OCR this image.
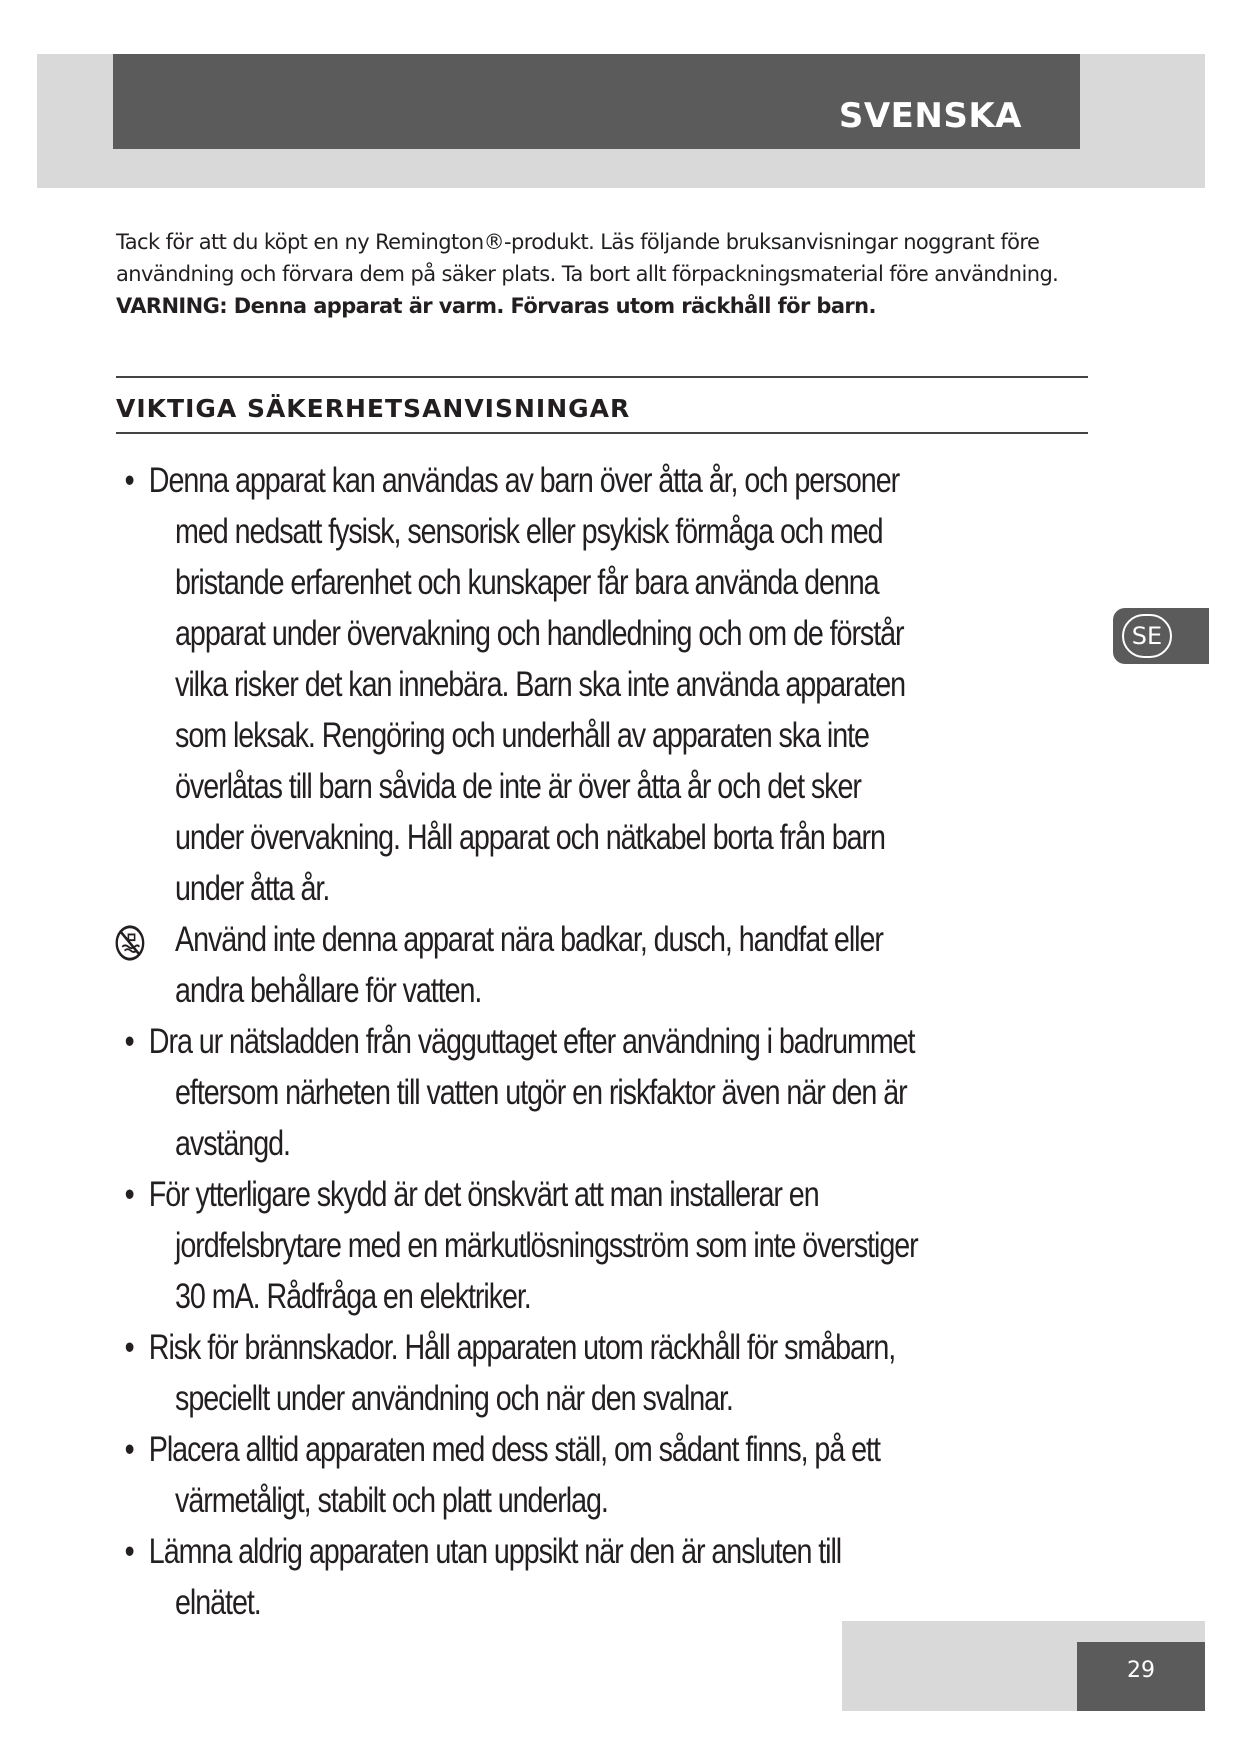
SVENSKA

Tack för att du köpt en ny Remington®-produkt. Läs följande bruksanvisningar noggrant före användning och förvara dem på säker plats. Ta bort allt förpackningsmaterial före användning.

VARNING: Denna apparat är varm. Förvaras utom räckhåll för barn.

VIKTIGA SÄKERHETSANVISNINGAR
• Denna apparat kan användas av barn över åtta år, och personer med nedsatt fysisk, sensorisk eller psykisk förmåga och med bristande erfarenhet och kunskaper får bara använda denna apparat under övervakning och handledning och om de förstår vilka risker det kan innebära. Barn ska inte använda apparaten som leksak. Rengöring och underhåll av apparaten ska inte överlåtas till barn såvida de inte är över åtta år och det sker under övervakning. Håll apparat och nätkabel borta från barn under åtta år.
Använd inte denna apparat nära badkar, dusch, handfat eller andra behållare för vatten.
• Dra ur nätsladden från vägguttaget efter användning i badrummet eftersom närheten till vatten utgör en riskfaktor även när den är avstängd.
• För ytterligare skydd är det önskvärt att man installerar en jordfelsbrytare med en märkutlösningsström som inte överstiger 30 mA. Rådfråga en elektriker.
• Risk för brännskador. Håll apparaten utom räckhåll för småbarn, speciellt under användning och när den svalnar.
• Placera alltid apparaten med dess ställ, om sådant finns, på ett värmetåligt, stabilt och platt underlag.
• Lämna aldrig apparaten utan uppsikt när den är ansluten till elnätet.
SE
29
